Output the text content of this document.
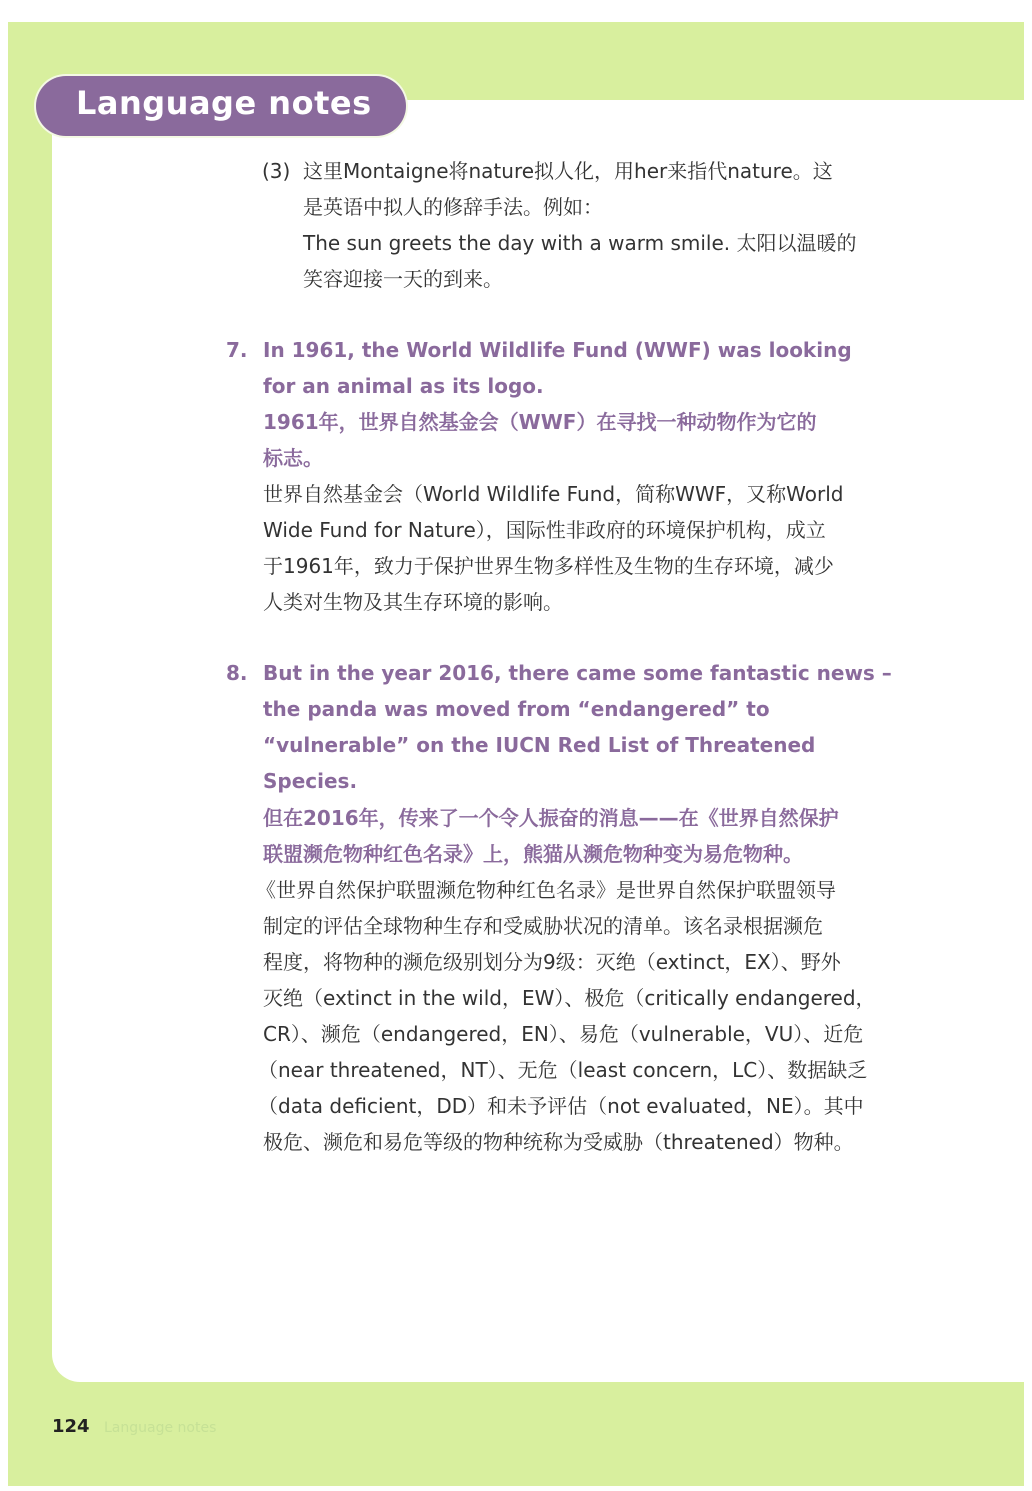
Language notes
(3) 这里Montaigne将nature拟人化，用her来指代nature。这
是英语中拟人的修辞手法。例如：
The sun greets the day with a warm smile. 太阳以温暖的
笑容迎接一天的到来。
7. In 1961, the World Wildlife Fund (WWF) was looking
for an animal as its logo.
1961年，世界自然基金会（WWF）在寻找一种动物作为它的
标志。
世界自然基金会（World Wildlife Fund，简称WWF，又称World
Wide Fund for Nature），国际性非政府的环境保护机构，成立
于1961年，致力于保护世界生物多样性及生物的生存环境，减少
人类对生物及其生存环境的影响。
8. But in the year 2016, there came some fantastic news –
the panda was moved from “endangered” to
“vulnerable” on the IUCN Red List of Threatened
Species.
但在2016年，传来了一个令人振奋的消息——在《世界自然保护
联盟濒危物种红色名录》上，熊猫从濒危物种变为易危物种。
《世界自然保护联盟濒危物种红色名录》是世界自然保护联盟领导
制定的评估全球物种生存和受威胁状况的清单。该名录根据濒危
程度，将物种的濒危级别划分为9级：灭绝（extinct，EX）、野外
灭绝（extinct in the wild，EW）、极危（critically endangered，
CR）、濒危（endangered，EN）、易危（vulnerable，VU）、近危
（near threatened，NT）、无危（least concern，LC）、数据缺乏
（data deficient，DD）和未予评估（not evaluated，NE）。其中
极危、濒危和易危等级的物种统称为受威胁（threatened）物种。
124 Language notes
